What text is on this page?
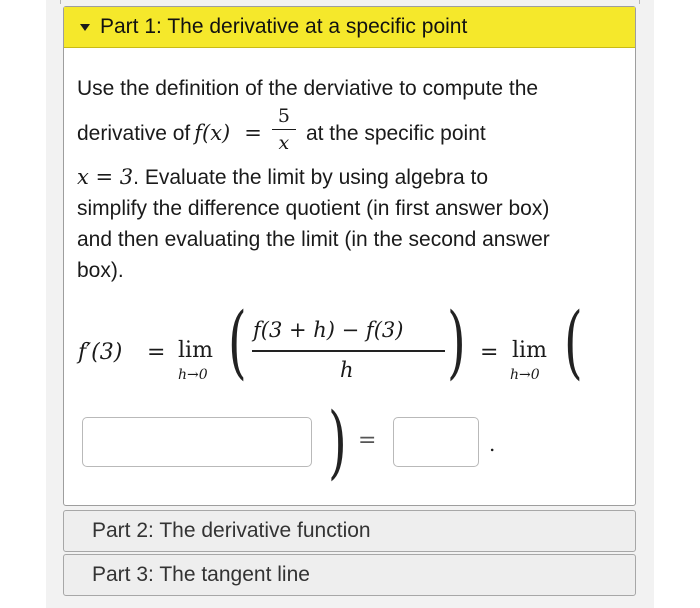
Part 1: The derivative at a specific point
Use the definition of the derviative to compute the
derivative of $f(x) = \frac{5}{x}$ at the specific point
x = 3. Evaluate the limit by using algebra to
simplify the difference quotient (in first answer box)
and then evaluating the limit (in the second answer
box).
f′(3) = lim
h→0 ( f(3 + h) − f(3)
h ) = lim
h→0 (
) =	.
Part 2: The derivative function
Part 3: The tangent line
